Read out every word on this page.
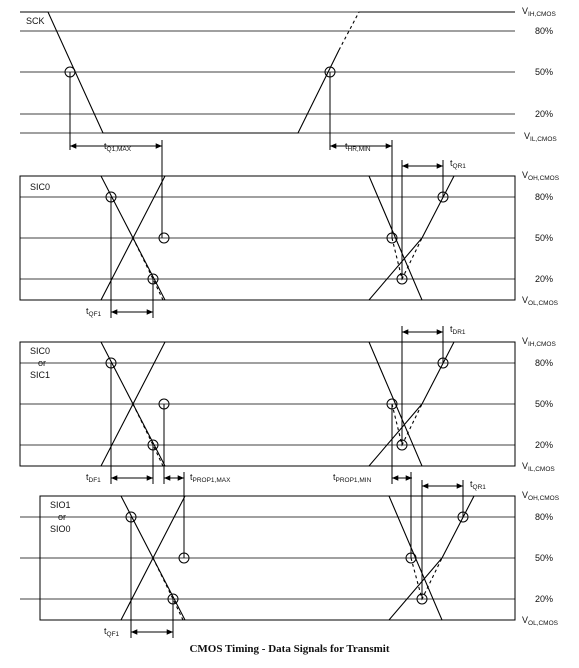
SCK
80%
50%
20%
$V_{IH,CMOS}$
$V_{IL,CMOS}$
$t_{Q1,MAX}$	$t_{HR,MIN}$
SIC0
80%
50%
20%
$V_{OH,CMOS}$
$V_{OL,CMOS}$
$t_{QR1}$
$t_{QF1}$
SIC0
or
SIC1
80%
50%
20%
$V_{IH,CMOS}$
$V_{IL,CMOS}$
$t_{DR1}$
$t_{DF1}$	$t_{PROP1,MAX}$	$t_{PROP1,MIN}$
SIO1
or
SIO0
80%
50%
20%
$V_{OH,CMOS}$
$V_{OL,CMOS}$
$t_{QR1}$
$t_{QF1}$
CMOS Timing - Data Signals for Transmit
